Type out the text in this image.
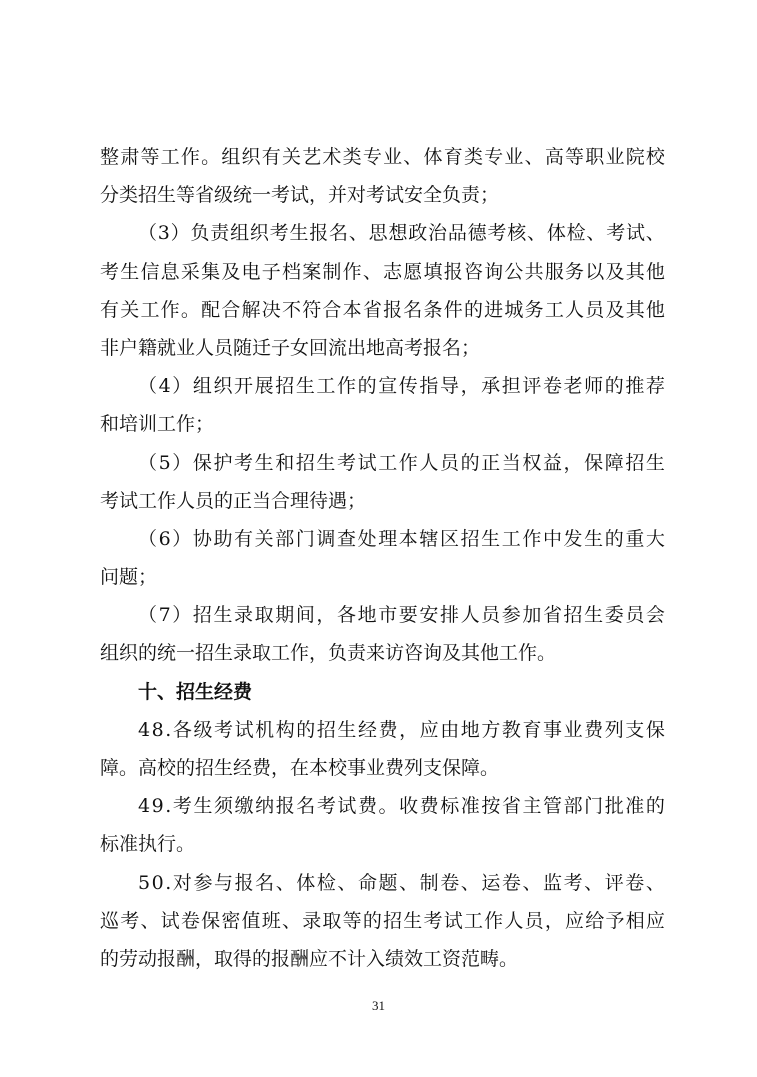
整 肃 等 工 作 。 组 织 有 关 艺 术 类 专 业 、 体 育 类 专 业 、 高 等 职 业 院 校
分类招生等省级统一考试，并对考试安全负责；
（ 3 ） 负 责 组 织 考 生 报 名 、 思 想 政 治 品 德 考 核 、 体 检 、 考 试 、
考 生 信 息 采 集 及 电 子 档 案 制 作 、 志 愿 填 报 咨 询 公 共 服 务 以 及 其 他
有 关 工 作 。 配 合 解 决 不 符 合 本 省 报 名 条 件 的 进 城 务 工 人 员 及 其 他
非户籍就业人员随迁子女回流出地高考报名；
（ 4 ） 组 织 开 展 招 生 工 作 的 宣 传 指 导 ， 承 担 评 卷 老 师 的 推 荐
和培训工作；
（ 5 ） 保 护 考 生 和 招 生 考 试 工 作 人 员 的 正 当 权 益 ， 保 障 招 生
考试工作人员的正当合理待遇；
（ 6 ） 协 助 有 关 部 门 调 查 处 理 本 辖 区 招 生 工 作 中 发 生 的 重 大
问题；
（ 7 ） 招 生 录 取 期 间 ， 各 地 市 要 安 排 人 员 参 加 省 招 生 委 员 会
组织的统一招生录取工作，负责来访咨询及其他工作。
十、招生经费
4 8 . 各 级 考 试 机 构 的 招 生 经 费 ， 应 由 地 方 教 育 事 业 费 列 支 保
障。高校的招生经费，在本校事业费列支保障。
4 9 . 考 生 须 缴 纳 报 名 考 试 费 。 收 费 标 准 按 省 主 管 部 门 批 准 的
标准执行。
5 0 . 对 参 与 报 名 、 体 检 、 命 题 、 制 卷 、 运 卷 、 监 考 、 评 卷 、
巡 考 、 试 卷 保 密 值 班 、 录 取 等 的 招 生 考 试 工 作 人 员 ， 应 给 予 相 应
的劳动报酬，取得的报酬应不计入绩效工资范畴。
31
